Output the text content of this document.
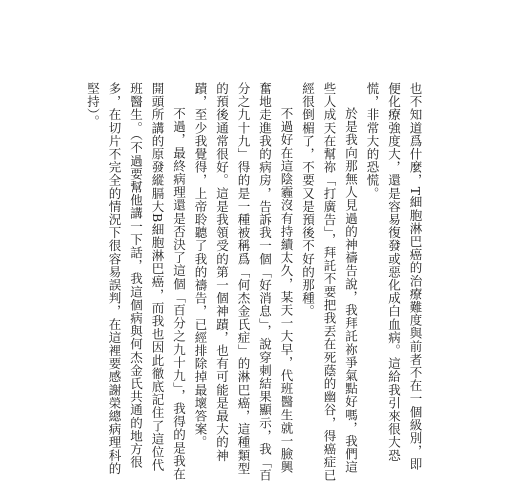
也不知道爲什麼，T細胞淋巴癌的治療難度與前者不在一個級別，即便化療強度大，還是容易復發或惡化成白血病。這給我引來很大恐慌，非常大的恐慌。

於是我向那無人見過的神禱告說，我拜託祢爭氣點好嗎，我們這些人成天在幫祢「打廣告」，拜託不要把我丟在死蔭的幽谷，得癌症已經很倒楣了，不要又是預後不好的那種。

不過好在這陰霾沒有持續太久，某天一大早，代班醫生就一臉興奮地走進我的病房，告訴我一個「好消息」，說穿刺結果顯示，我「百分之九十九」得的是一種被稱爲「何杰金氏症」的淋巴癌，這種類型的預後通常很好。這是我領受的第一個神蹟，也有可能是最大的神蹟，至少我覺得，上帝聆聽了我的禱告，已經排除掉最壞答案。

不過，最終病理還是否決了這個「百分之九十九」，我得的是我在開頭所講的原發縱膈大B細胞淋巴癌，而我也因此徹底記住了這位代班醫生。（不過要幫他講一下話，我這個病與何杰金氏共通的地方很多，在切片不完全的情況下很容易誤判，在這裡要感謝榮總病理科的堅持）。
